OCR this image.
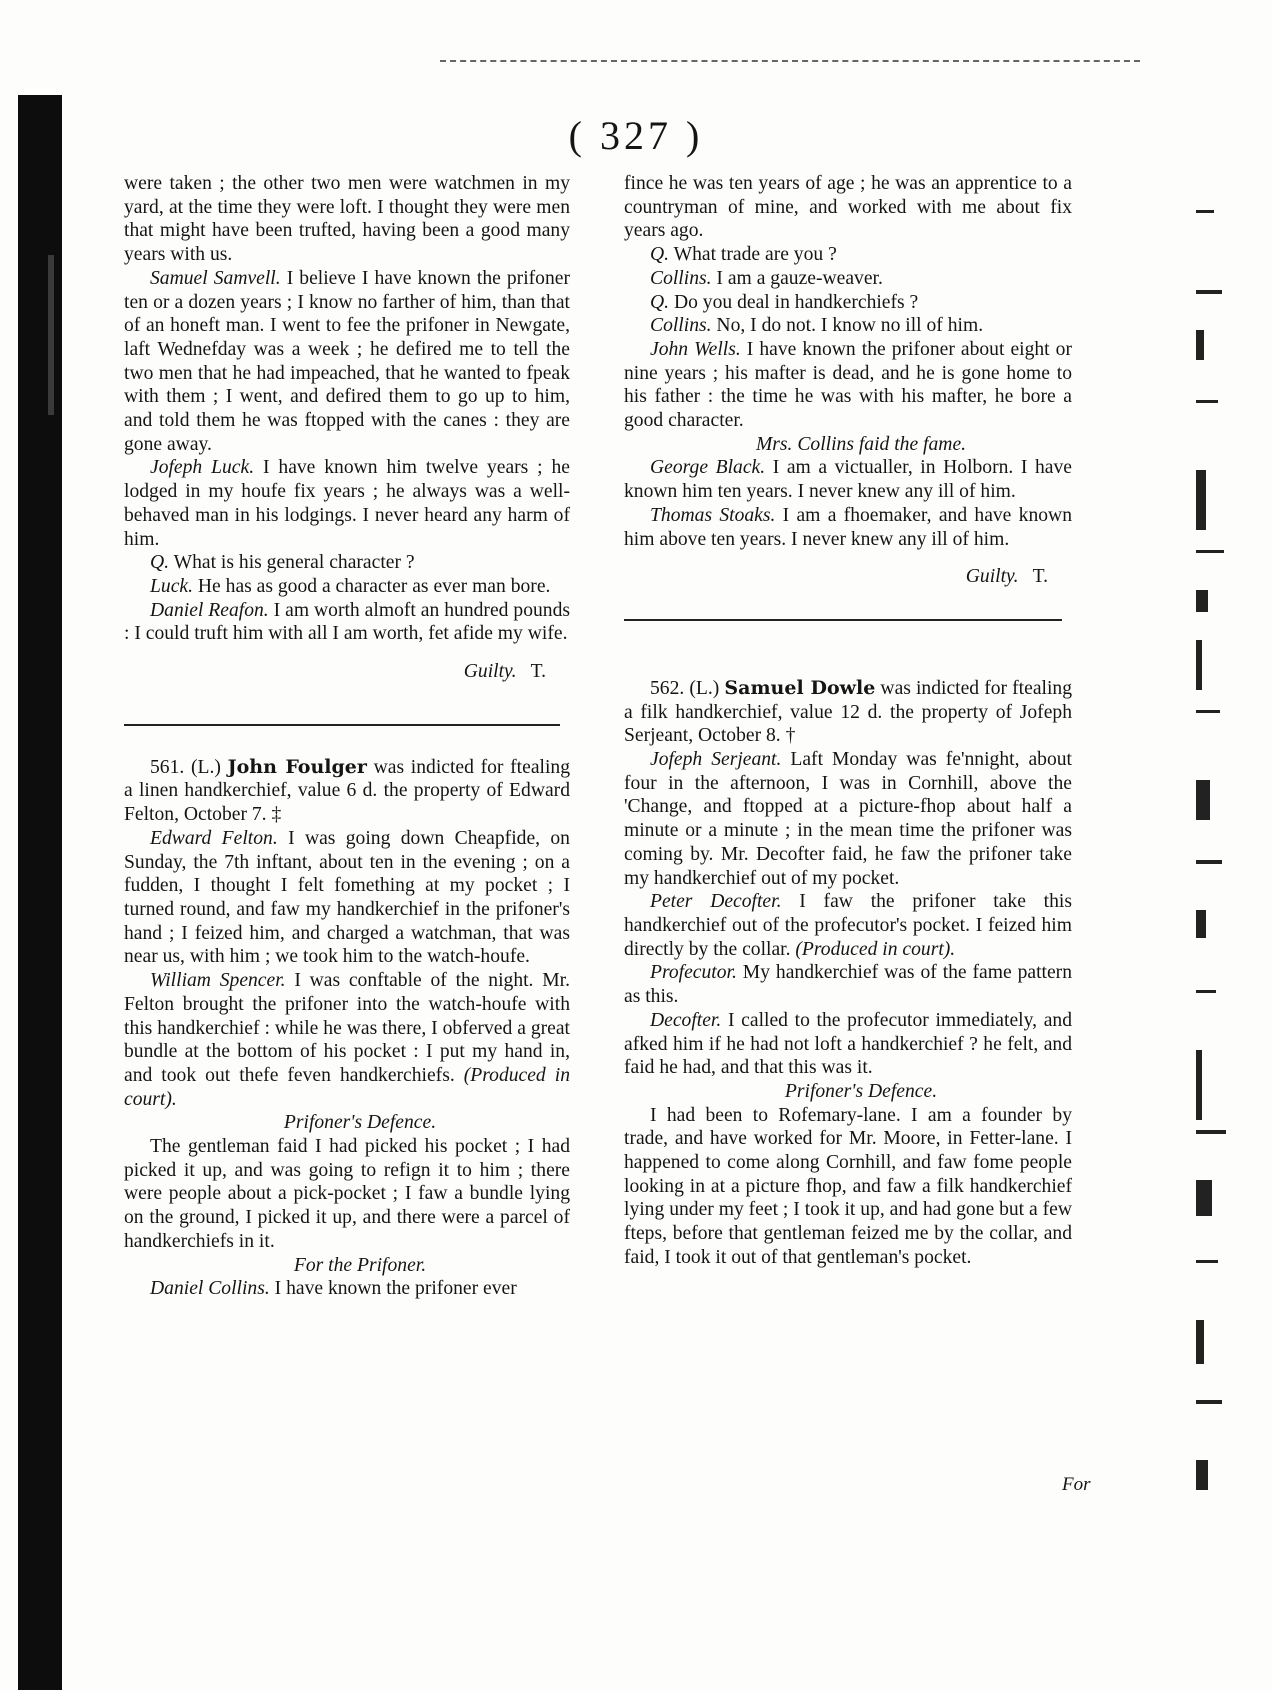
( 327 )

were taken ; the other two men were watchmen in my yard, at the time they were loft. I thought they were men that might have been trufted, having been a good many years with us.

Samuel Samvell. I believe I have known the prifoner ten or a dozen years ; I know no farther of him, than that of an honeft man. I went to fee the prifoner in Newgate, laft Wednefday was a week ; he defired me to tell the two men that he had impeached, that he wanted to fpeak with them ; I went, and defired them to go up to him, and told them he was ftopped with the canes : they are gone away.

Jofeph Luck. I have known him twelve years ; he lodged in my houfe fix years ; he always was a well-behaved man in his lodgings. I never heard any harm of him.

Q. What is his general character ?

Luck. He has as good a character as ever man bore.

Daniel Reafon. I am worth almoft an hundred pounds : I could truft him with all I am worth, fet afide my wife.

Guilty. T.

561. (L.) John Foulger was indicted for ftealing a linen handkerchief, value 6 d. the property of Edward Felton, October 7. ‡

Edward Felton. I was going down Cheapfide, on Sunday, the 7th inftant, about ten in the evening ; on a fudden, I thought I felt fomething at my pocket ; I turned round, and faw my handkerchief in the prifoner's hand ; I feized him, and charged a watchman, that was near us, with him ; we took him to the watch-houfe.

William Spencer. I was conftable of the night. Mr. Felton brought the prifoner into the watch-houfe with this handkerchief : while he was there, I obferved a great bundle at the bottom of his pocket : I put my hand in, and took out thefe feven handkerchiefs. (Produced in court).

Prifoner's Defence.

The gentleman faid I had picked his pocket ; I had picked it up, and was going to refign it to him ; there were people about a pick-pocket ; I faw a bundle lying on the ground, I picked it up, and there were a parcel of handkerchiefs in it.

For the Prifoner.

Daniel Collins. I have known the prifoner ever

fince he was ten years of age ; he was an apprentice to a countryman of mine, and worked with me about fix years ago.

Q. What trade are you ?

Collins. I am a gauze-weaver.

Q. Do you deal in handkerchiefs ?

Collins. No, I do not. I know no ill of him.

John Wells. I have known the prifoner about eight or nine years ; his mafter is dead, and he is gone home to his father : the time he was with his mafter, he bore a good character.

Mrs. Collins faid the fame.

George Black. I am a victualler, in Holborn. I have known him ten years. I never knew any ill of him.

Thomas Stoaks. I am a fhoemaker, and have known him above ten years. I never knew any ill of him.

Guilty. T.

562. (L.) Samuel Dowle was indicted for ftealing a filk handkerchief, value 12 d. the property of Jofeph Serjeant, October 8. †

Jofeph Serjeant. Laft Monday was fe'nnight, about four in the afternoon, I was in Cornhill, above the 'Change, and ftopped at a picture-fhop about half a minute or a minute ; in the mean time the prifoner was coming by. Mr. Decofter faid, he faw the prifoner take my handkerchief out of my pocket.

Peter Decofter. I faw the prifoner take this handkerchief out of the profecutor's pocket. I feized him directly by the collar. (Produced in court).

Profecutor. My handkerchief was of the fame pattern as this.

Decofter. I called to the profecutor immediately, and afked him if he had not loft a handkerchief ? he felt, and faid he had, and that this was it.

Prifoner's Defence.

I had been to Rofemary-lane. I am a founder by trade, and have worked for Mr. Moore, in Fetter-lane. I happened to come along Cornhill, and faw fome people looking in at a picture fhop, and faw a filk handkerchief lying under my feet ; I took it up, and had gone but a few fteps, before that gentleman feized me by the collar, and faid, I took it out of that gentleman's pocket.

For
